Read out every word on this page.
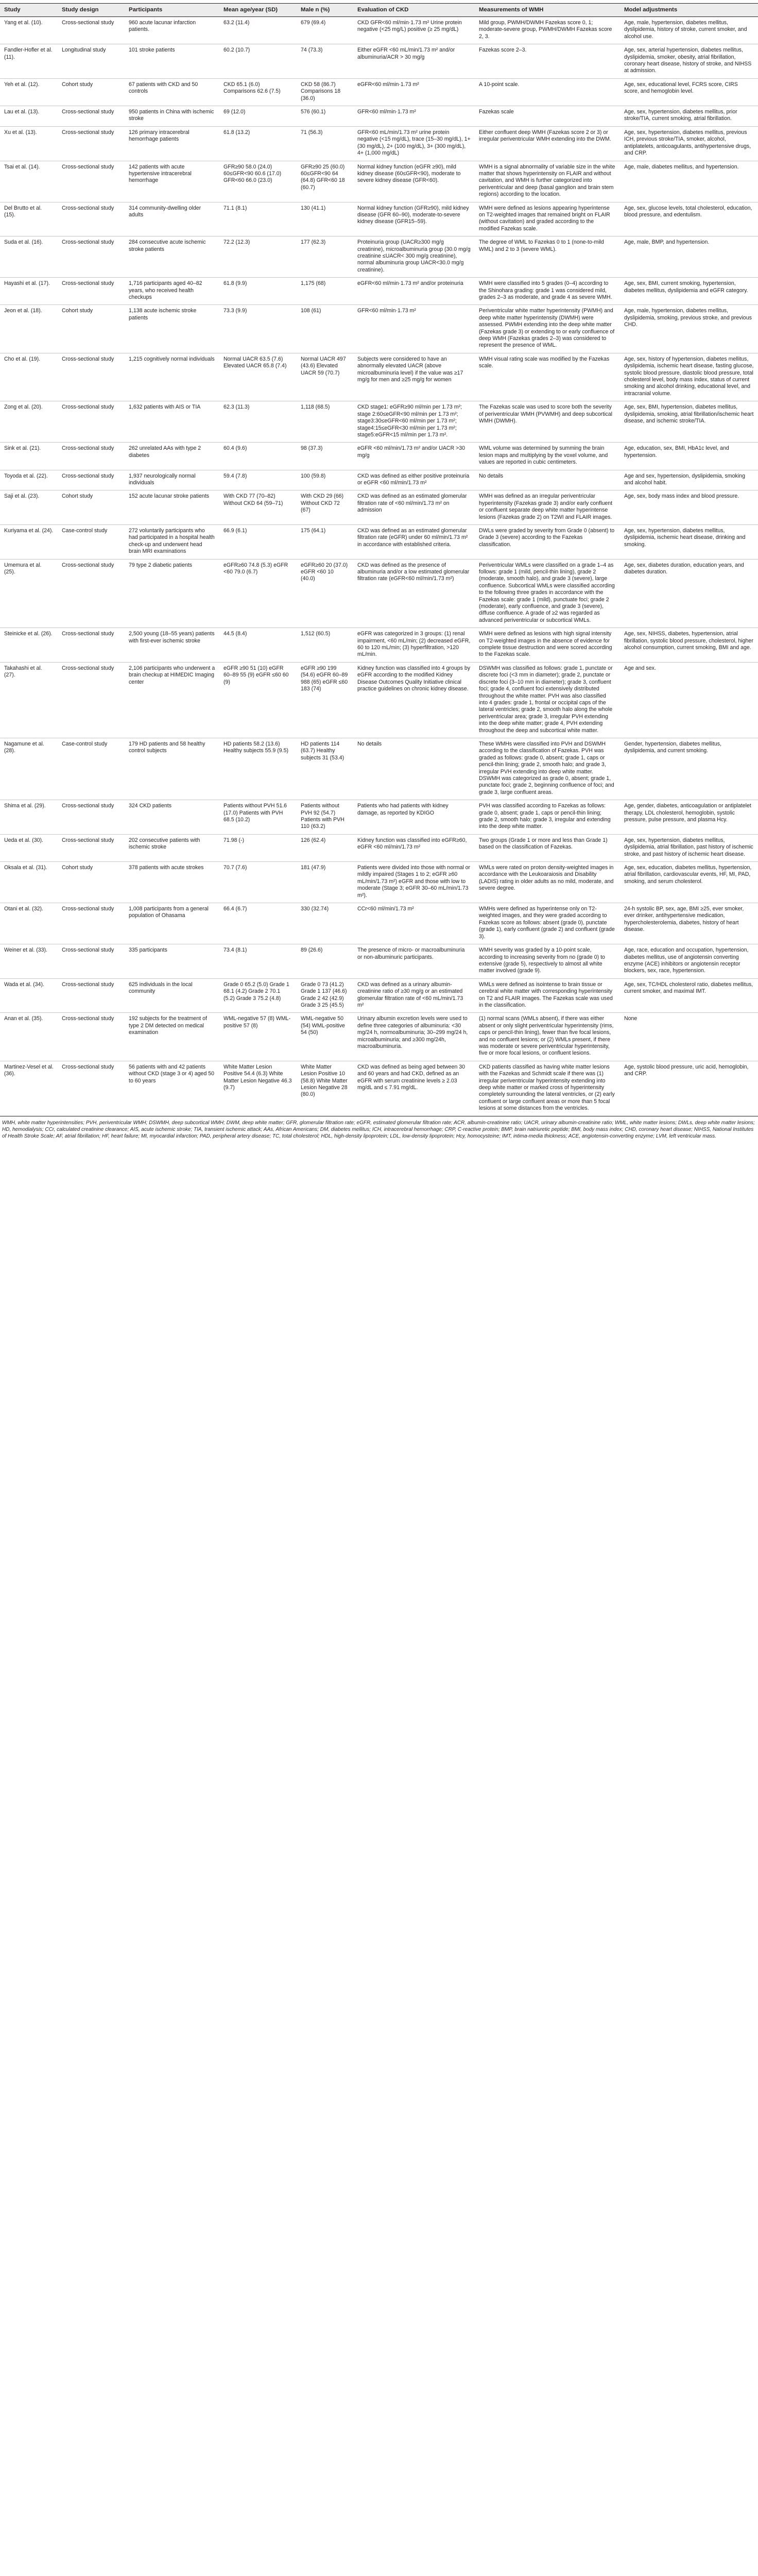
Study	Study design	Participants	Mean age/year (SD)	Male n (%)	Evaluation of CKD	Measurements of WMH	Model adjustments
Yang et al. (10).	Cross-sectional study	960 acute lacunar infarction patients.	63.2 (11.4)	679 (69.4)	CKD GFR<60 ml/min·1.73 m² Urine protein negative (<25 mg/L) positive (≥ 25 mg/dL)	Mild group, PWMH/DWMH Fazekas score 0, 1; moderate-severe group, PWMH/DWMH Fazekas score 2, 3.	Age, male, hypertension, diabetes mellitus, dyslipidemia, history of stroke, current smoker, and alcohol use.
Fandler-Hofler et al. (11).	Longitudinal study	101 stroke patients	60.2 (10.7)	74 (73.3)	Either eGFR <60 mL/min/1.73 m² and/or albuminuria/ACR > 30 mg/g	Fazekas score 2–3.	Age, sex, arterial hypertension, diabetes mellitus, dyslipidemia, smoker, obesity, atrial fibrillation, coronary heart disease, history of stroke, and NIHSS at admission.
Yeh et al. (12).	Cohort study	67 patients with CKD and 50 controls	CKD 65.1 (6.0) Comparisons 62.6 (7.5)	CKD 58 (86.7) Comparisons 18 (36.0)	eGFR<60 ml/min·1.73 m²	A 10-point scale.	Age, sex, educational level, FCRS score, CIRS score, and hemoglobin level.
Lau et al. (13).	Cross-sectional study	950 patients in China with ischemic stroke	69 (12.0)	576 (60.1)	GFR<60 ml/min·1.73 m²	Fazekas scale	Age, sex, hypertension, diabetes mellitus, prior stroke/TIA, current smoking, atrial fibrillation.
Xu et al. (13).	Cross-sectional study	126 primary intracerebral hemorrhage patients	61.8 (13.2)	71 (56.3)	GFR<60 mL/min/1.73 m² urine protein negative (<15 mg/dL), trace (15–30 mg/dL), 1+ (30 mg/dL), 2+ (100 mg/dL), 3+ (300 mg/dL), 4+ (1,000 mg/dL)	Either confluent deep WMH (Fazekas score 2 or 3) or irregular periventricular WMH extending into the DWM.	Age, sex, hypertension, diabetes mellitus, previous ICH, previous stroke/TIA, smoker, alcohol, antiplatelets, anticoagulants, antihypertensive drugs, and CRP.
Tsai et al. (14).	Cross-sectional study	142 patients with acute hypertensive intracerebral hemorrhage	GFR≥90 58.0 (24.0) 60≤GFR<90 60.6 (17.0) GFR<60 66.0 (23.0)	GFR≥90 25 (60.0) 60≤GFR<90 64 (64.8) GFR<60 18 (60.7)	Normal kidney function (eGFR ≥90), mild kidney disease (60≤GFR<90), moderate to severe kidney disease (GFR<60).	WMH is a signal abnormality of variable size in the white matter that shows hyperintensity on FLAIR and without cavitation, and WMH is further categorized into periventricular and deep (basal ganglion and brain stem regions) according to the location.	Age, male, diabetes mellitus, and hypertension.
Del Brutto et al. (15).	Cross-sectional study	314 community-dwelling older adults	71.1 (8.1)	130 (41.1)	Normal kidney function (GFR≥90), mild kidney disease (GFR 60–90), moderate-to-severe kidney disease (GFR15–59).	WMH were defined as lesions appearing hyperintense on T2-weighted images that remained bright on FLAIR (without cavitation) and graded according to the modified Fazekas scale.	Age, sex, glucose levels, total cholesterol, education, blood pressure, and edentulism.
Suda et al. (16).	Cross-sectional study	284 consecutive acute ischemic stroke patients	72.2 (12.3)	177 (62.3)	Proteinuria group (UACR≥300 mg/g creatinine), microalbuminuria group (30.0 mg/g creatinine ≤UACR< 300 mg/g creatinine), normal albuminuria group UACR<30.0 mg/g creatinine).	The degree of WML to Fazekas 0 to 1 (none-to-mild WML) and 2 to 3 (severe WML).	Age, male, BMP, and hypertension.
Hayashi et al. (17).	Cross-sectional study	1,716 participants aged 40–82 years, who received health checkups	61.8 (9.9)	1,175 (68)	eGFR<60 ml/min·1.73 m² and/or proteinuria	WMH were classified into 5 grades (0–4) according to the Shinohara grading: grade 1 was considered mild, grades 2–3 as moderate, and grade 4 as severe WMH.	Age, sex, BMI, current smoking, hypertension, diabetes mellitus, dyslipidemia and eGFR category.
Jeon et al. (18).	Cohort study	1,138 acute ischemic stroke patients	73.3 (9.9)	108 (61)	GFR<60 ml/min·1.73 m²	Periventricular white matter hyperintensity (PWMH) and deep white matter hyperintensity (DWMH) were assessed. PWMH extending into the deep white matter (Fazekas grade 3) or extending to or early confluence of deep WMH (Fazekas grades 2–3) was considered to represent the presence of WML.	Age, male, hypertension, diabetes mellitus, dyslipidemia, smoking, previous stroke, and previous CHD.
Cho et al. (19).	Cross-sectional study	1,215 cognitively normal individuals	Normal UACR 63.5 (7.6) Elevated UACR 65.8 (7.4)	Normal UACR 497 (43.6) Elevated UACR 59 (70.7)	Subjects were considered to have an abnormally elevated UACR (above microalbuminuria level) if the value was ≥17 mg/g for men and ≥25 mg/g for women	WMH visual rating scale was modified by the Fazekas scale.	Age, sex, history of hypertension, diabetes mellitus, dyslipidemia, ischemic heart disease, fasting glucose, systolic blood pressure, diastolic blood pressure, total cholesterol level, body mass index, status of current smoking and alcohol drinking, educational level, and intracranial volume.
Zong et al. (20).	Cross-sectional study	1,632 patients with AIS or TIA	62.3 (11.3)	1,118 (68.5)	CKD stage1: eGFR≥90 ml/min per 1.73 m²; stage 2:60≤eGFR<90 ml/min per 1.73 m²; stage3:30≤eGFR<60 ml/min per 1.73 m²; stage4:15≤eGFR<30 ml/min per 1.73 m²; stage5:eGFR<15 ml/min per 1.73 m².	The Fazekas scale was used to score both the severity of periventricular WMH (PVWMH) and deep subcortical WMH (DWMH).	Age, sex, BMI, hypertension, diabetes mellitus, dyslipidemia, smoking, atrial fibrillation/ischemic heart disease, and ischemic stroke/TIA.
Sink et al. (21).	Cross-sectional study	262 unrelated AAs with type 2 diabetes	60.4 (9.6)	98 (37.3)	eGFR <60 ml/min/1.73 m² and/or UACR >30 mg/g	WML volume was determined by summing the brain lesion maps and multiplying by the voxel volume, and values are reported in cubic centimeters.	Age, education, sex, BMI, HbA1c level, and hypertension.
Toyoda et al. (22).	Cross-sectional study	1,937 neurologically normal individuals	59.4 (7.8)	100 (59.8)	CKD was defined as either positive proteinuria or eGFR <60 ml/min/1.73 m²	No details	Age and sex, hypertension, dyslipidemia, smoking and alcohol habit.
Saji et al. (23).	Cohort study	152 acute lacunar stroke patients	With CKD 77 (70–82) Without CKD 64 (59–71)	With CKD 29 (66) Without CKD 72 (67)	CKD was defined as an estimated glomerular filtration rate of <60 ml/min/1.73 m² on admission	WMH was defined as an irregular periventricular hyperintensity (Fazekas grade 3) and/or early confluent or confluent separate deep white matter hyperintense lesions (Fazekas grade 2) on T2WI and FLAIR images.	Age, sex, body mass index and blood pressure.
Kuriyama et al. (24).	Case-control study	272 voluntarily participants who had participated in a hospital health check-up and underwent head brain MRI examinations	66.9 (6.1)	175 (64.1)	CKD was defined as an estimated glomerular filtration rate (eGFR) under 60 ml/min/1.73 m² in accordance with established criteria.	DWLs were graded by severity from Grade 0 (absent) to Grade 3 (severe) according to the Fazekas classification.	Age, sex, hypertension, diabetes mellitus, dyslipidemia, ischemic heart disease, drinking and smoking.
Umemura et al. (25).	Cross-sectional study	79 type 2 diabetic patients	eGFR≥60 74.8 (5.3) eGFR <60 79.0 (6.7)	eGFR≥60 20 (37.0) eGFR <60 10 (40.0)	CKD was defined as the presence of albuminuria and/or a low estimated glomerular filtration rate (eGFR<60 ml/min/1.73 m²)	Periventricular WMLs were classified on a grade 1–4 as follows: grade 1 (mild, pencil-thin lining), grade 2 (moderate, smooth halo), and grade 3 (severe), large confluence. Subcortical WMLs were classified according to the following three grades in accordance with the Fazekas scale: grade 1 (mild), punctuate foci; grade 2 (moderate), early confluence, and grade 3 (severe), diffuse confluence. A grade of ≥2 was regarded as advanced periventricular or subcortical WMLs.	Age, sex, diabetes duration, education years, and diabetes duration.
Steinicke et al. (26).	Cross-sectional study	2,500 young (18–55 years) patients with first-ever ischemic stroke	44.5 (8.4)	1,512 (60.5)	eGFR was categorized in 3 groups: (1) renal impairment, <60 mL/min; (2) decreased eGFR, 60 to 120 mL/min; (3) hyperfiltration, >120 mL/min.	WMH were defined as lesions with high signal intensity on T2-weighted images in the absence of evidence for complete tissue destruction and were scored according to the Fazekas scale.	Age, sex, NIHSS, diabetes, hypertension, atrial fibrillation, systolic blood pressure, cholesterol, higher alcohol consumption, current smoking, BMI and age.
Takahashi et al. (27).	Cross-sectional study	2,106 participants who underwent a brain checkup at HIMEDIC Imaging center	eGFR ≥90 51 (10) eGFR 60–89 55 (9) eGFR ≤60 60 (9)	eGFR ≥90 199 (54.6) eGFR 60–89 988 (65) eGFR ≤60 183 (74)	Kidney function was classified into 4 groups by eGFR according to the modified Kidney Disease Outcomes Quality Initiative clinical practice guidelines on chronic kidney disease.	DSWMH was classified as follows: grade 1, punctate or discrete foci (<3 mm in diameter); grade 2, punctate or discrete foci (3–10 mm in diameter); grade 3, confluent foci; grade 4, confluent foci extensively distributed throughout the white matter. PVH was also classified into 4 grades: grade 1, frontal or occipital caps of the lateral ventricles; grade 2, smooth halo along the whole periventricular area; grade 3, irregular PVH extending into the deep white matter; grade 4, PVH extending throughout the deep and subcortical white matter.	Age and sex.
Nagamune et al. (28).	Case-control study	179 HD patients and 58 healthy control subjects	HD patients 58.2 (13.6) Healthy subjects 55.9 (9.5)	HD patients 114 (63.7) Healthy subjects 31 (53.4)	No details	These WMHs were classified into PVH and DSWMH according to the classification of Fazekas. PVH was graded as follows: grade 0, absent; grade 1, caps or pencil-thin lining; grade 2, smooth halo; and grade 3, irregular PVH extending into deep white matter. DSWMH was categorized as grade 0, absent; grade 1, punctate foci; grade 2, beginning confluence of foci; and grade 3, large confluent areas.	Gender, hypertension, diabetes mellitus, dyslipidemia, and current smoking.
Shima et al. (29).	Cross-sectional study	324 CKD patients	Patients without PVH 51.6 (17.0) Patients with PVH 68.5 (10.2)	Patients without PVH 92 (54.7) Patients with PVH 110 (63.2)	Patients who had patients with kidney damage, as reported by KDIGO	PVH was classified according to Fazekas as follows: grade 0, absent; grade 1, caps or pencil-thin lining; grade 2, smooth halo; grade 3, irregular and extending into the deep white matter.	Age, gender, diabetes, anticoagulation or antiplatelet therapy, LDL cholesterol, hemoglobin, systolic pressure, pulse pressure, and plasma Hcy.
Ueda et al. (30).	Cross-sectional study	202 consecutive patients with ischemic stroke	71.98 (-)	126 (62.4)	Kidney function was classified into eGFR≥60, eGFR <60 ml/min/1.73 m²	Two groups (Grade 1 or more and less than Grade 1) based on the classification of Fazekas.	Age, sex, hypertension, diabetes mellitus, dyslipidemia, atrial fibrillation, past history of ischemic stroke, and past history of ischemic heart disease.
Oksala et al. (31).	Cohort study	378 patients with acute strokes	70.7 (7.6)	181 (47.9)	Patients were divided into those with normal or mildly impaired (Stages 1 to 2; eGFR ≥60 mL/min/1.73 m²) eGFR and those with low to moderate (Stage 3; eGFR 30–60 mL/min/1.73 m²).	WMLs were rated on proton density-weighted images in accordance with the Leukoaraiosis and Disability (LADIS) rating in older adults as no mild, moderate, and severe degree.	Age, sex, education, diabetes mellitus, hypertension, atrial fibrillation, cardiovascular events, HF, MI, PAD, smoking, and serum cholesterol.
Otani et al. (32).	Cross-sectional study	1,008 participants from a general population of Ohasama	66.4 (6.7)	330 (32.74)	CCr<60 ml/min/1.73 m²	WMHs were defined as hyperintense only on T2-weighted images, and they were graded according to Fazekas score as follows: absent (grade 0), punctate (grade 1), early confluent (grade 2) and confluent (grade 3).	24-h systolic BP, sex, age, BMI ≥25, ever smoker, ever drinker, antihypertensive medication, hypercholesterolemia, diabetes, history of heart disease.
Weiner et al. (33).	Cross-sectional study	335 participants	73.4 (8.1)	89 (26.6)	The presence of micro- or macroalbuminuria or non-albuminuric participants.	WMH severity was graded by a 10-point scale, according to increasing severity from no (grade 0) to extensive (grade 5), respectively to almost all white matter involved (grade 9).	Age, race, education and occupation, hypertension, diabetes mellitus, use of angiotensin converting enzyme (ACE) inhibitors or angiotensin receptor blockers, sex, race, hypertension.
Wada et al. (34).	Cross-sectional study	625 individuals in the local community	Grade 0 65.2 (5.0) Grade 1 68.1 (4.2) Grade 2 70.1 (5.2) Grade 3 75.2 (4.8)	Grade 0 73 (41.2) Grade 1 137 (46.6) Grade 2 42 (42.9) Grade 3 25 (45.5)	CKD was defined as a urinary albumin-creatinine ratio of ≥30 mg/g or an estimated glomerular filtration rate of <60 mL/min/1.73 m²	WMLs were defined as isointense to brain tissue or cerebral white matter with corresponding hyperintensity on T2 and FLAIR images. The Fazekas scale was used in the classification.	Age, sex, TC/HDL cholesterol ratio, diabetes mellitus, current smoker, and maximal IMT.
Anan et al. (35).	Cross-sectional study	192 subjects for the treatment of type 2 DM detected on medical examination	WML-negative 57 (8) WML-positive 57 (8)	WML-negative 50 (54) WML-positive 54 (50)	Urinary albumin excretion levels were used to define three categories of albuminuria: <30 mg/24 h, normoalbuminuria; 30–299 mg/24 h, microalbuminuria; and ≥300 mg/24h, macroalbuminuria.	(1) normal scans (WMLs absent), if there was either absent or only slight periventricular hyperintensity (rims, caps or pencil-thin lining), fewer than five focal lesions, and no confluent lesions; or (2) WMLs present, if there was moderate or severe periventricular hyperintensity, five or more focal lesions, or confluent lesions.	None
Martinez-Vesel et al. (36).	Cross-sectional study	56 patients with and 42 patients without CKD (stage 3 or 4) aged 50 to 60 years	White Matter Lesion Positive 54.4 (6.3) White Matter Lesion Negative 46.3 (9.7)	White Matter Lesion Positive 10 (58.8) White Matter Lesion Negative 28 (80.0)	CKD was defined as being aged between 30 and 60 years and had CKD, defined as an eGFR with serum creatinine levels ≥ 2.03 mg/dL and ≤ 7.91 mg/dL.	CKD patients classified as having white matter lesions with the Fazekas and Schmidt scale if there was (1) irregular periventricular hyperintensity extending into deep white matter or marked cross of hyperintensity completely surrounding the lateral ventricles, or (2) early confluent or large confluent areas or more than 5 focal lesions at some distances from the ventricles.	Age, systolic blood pressure, uric acid, hemoglobin, and CRP.
WMH, white matter hyperintensities; PVH, periventricular WMH; DSWMH, deep subcortical WMH; DWM, deep white matter; GFR, glomerular filtration rate; eGFR, estimated glomerular filtration rate; ACR, albumin-creatinine ratio; UACR, urinary albumin-creatinine ratio; WML, white matter lesions; DWLs, deep white matter lesions; HD, hemodialysis; CCr, calculated creatinine clearance; AIS, acute ischemic stroke; TIA, transient ischemic attack; AAs, African Americans; DM, diabetes mellitus; ICH, intracerebral hemorrhage; CRP, C-reactive protein; BMP, brain natriuretic peptide; BMI, body mass index; CHD, coronary heart disease; NIHSS, National Institutes of Health Stroke Scale; AF, atrial fibrillation; HF, heart failure; MI, myocardial infarction; PAD, peripheral artery disease; TC, total cholesterol; HDL, high-density lipoprotein; LDL, low-density lipoprotein; Hcy, homocysteine; IMT, intima-media thickness; ACE, angiotensin-converting enzyme; LVM, left ventricular mass.
